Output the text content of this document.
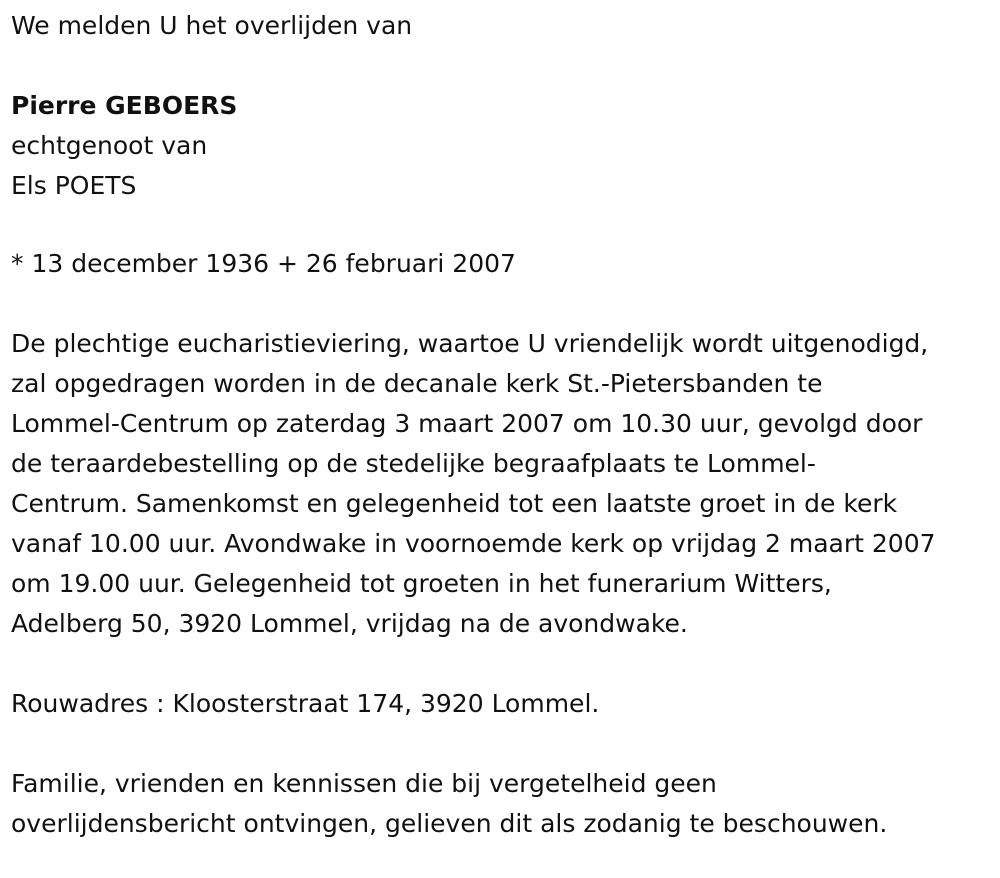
We melden U het overlijden van
Pierre GEBOERS
echtgenoot van
Els POETS
* 13 december 1936 + 26 februari 2007
De plechtige eucharistieviering, waartoe U vriendelijk wordt uitgenodigd,
zal opgedragen worden in de decanale kerk St.-Pietersbanden te
Lommel-Centrum op zaterdag 3 maart 2007 om 10.30 uur, gevolgd door
de teraardebestelling op de stedelijke begraafplaats te Lommel-
Centrum. Samenkomst en gelegenheid tot een laatste groet in de kerk
vanaf 10.00 uur. Avondwake in voornoemde kerk op vrijdag 2 maart 2007
om 19.00 uur. Gelegenheid tot groeten in het funerarium Witters,
Adelberg 50, 3920 Lommel, vrijdag na de avondwake.
Rouwadres : Kloosterstraat 174, 3920 Lommel.
Familie, vrienden en kennissen die bij vergetelheid geen
overlijdensbericht ontvingen, gelieven dit als zodanig te beschouwen.
